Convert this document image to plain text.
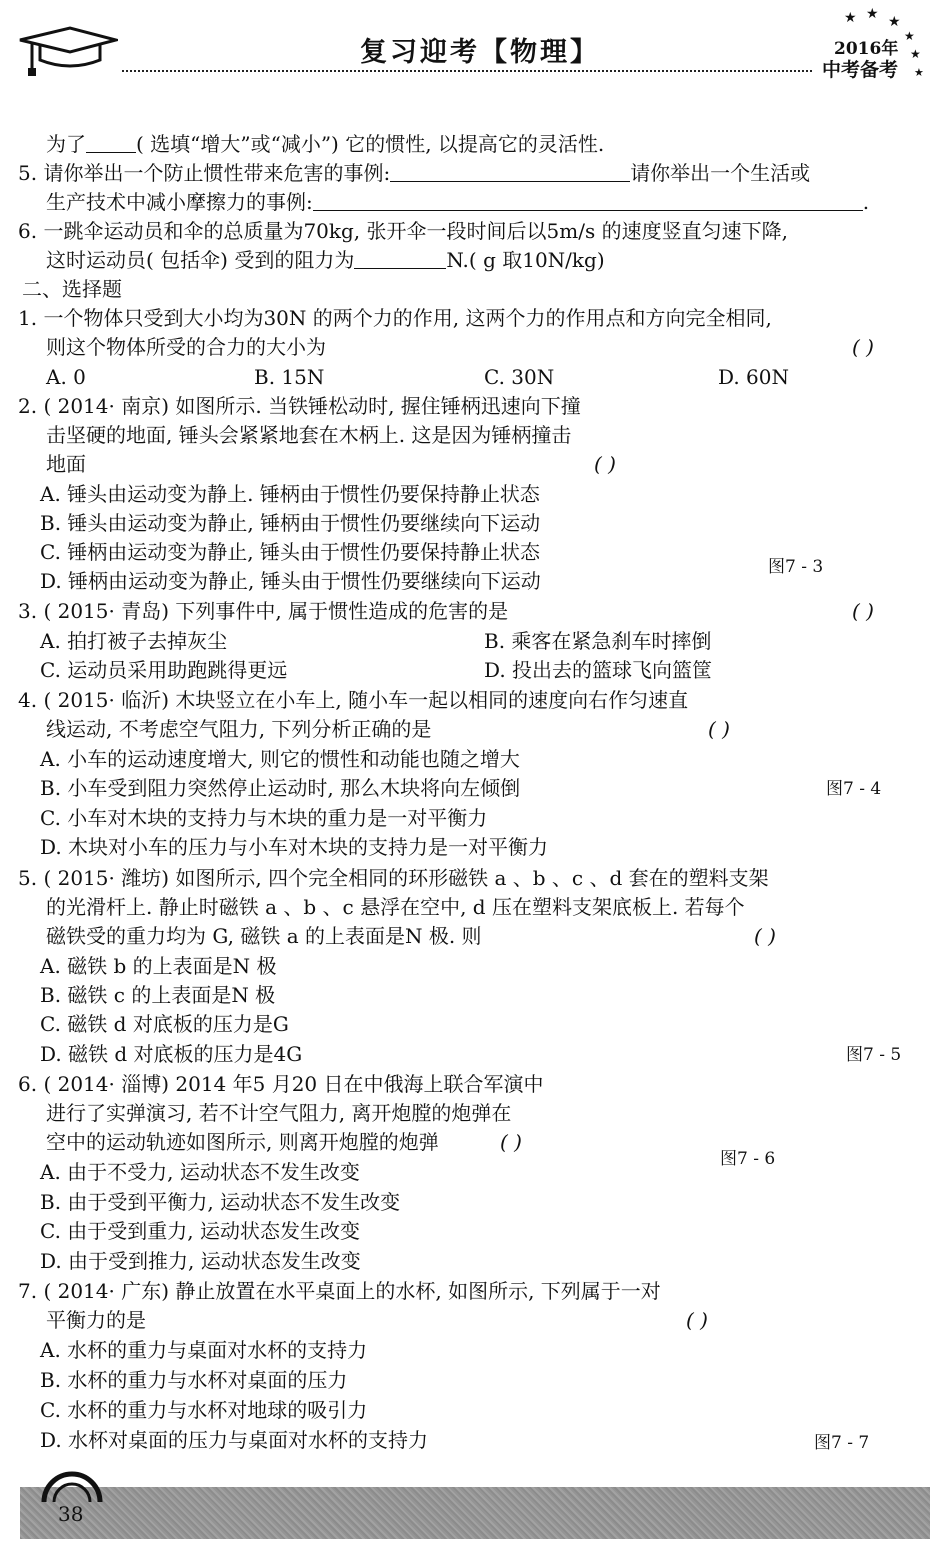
复习迎考【物理】
★ ★ ★
★
★
★
2016年
中考备考
为了	( 选填“增大”或“减小”) 它的惯性, 以提高它的灵活性.
5. 请你举出一个防止惯性带来危害的事例:	请你举出一个生活或
生产技术中减小摩擦力的事例:	.
6. 一跳伞运动员和伞的总质量为70kg, 张开伞一段时间后以5m/s 的速度竖直匀速下降,
这时运动员( 包括伞) 受到的阻力为	N.( g 取10N/kg)
二、选择题
1. 一个物体只受到大小均为30N 的两个力的作用, 这两个力的作用点和方向完全相同,
则这个物体所受的合力的大小为	( )
A. 0	B. 15N	C. 30N	D. 60N
2. ( 2014· 南京) 如图所示. 当铁锤松动时, 握住锤柄迅速向下撞
击坚硬的地面, 锤头会紧紧地套在木柄上. 这是因为锤柄撞击
地面	( )
A. 锤头由运动变为静上. 锤柄由于惯性仍要保持静止状态
B. 锤头由运动变为静止, 锤柄由于惯性仍要继续向下运动
C. 锤柄由运动变为静止, 锤头由于惯性仍要保持静止状态
D. 锤柄由运动变为静止, 锤头由于惯性仍要继续向下运动
图7 - 3
3. ( 2015· 青岛) 下列事件中, 属于惯性造成的危害的是	( )
A. 拍打被子去掉灰尘	B. 乘客在紧急刹车时摔倒
C. 运动员采用助跑跳得更远	D. 投出去的篮球飞向篮筐
4. ( 2015· 临沂) 木块竖立在小车上, 随小车一起以相同的速度向右作匀速直
线运动, 不考虑空气阻力, 下列分析正确的是	( )
A. 小车的运动速度增大, 则它的惯性和动能也随之增大
B. 小车受到阻力突然停止运动时, 那么木块将向左倾倒
C. 小车对木块的支持力与木块的重力是一对平衡力
D. 木块对小车的压力与小车对木块的支持力是一对平衡力
图7 - 4
5. ( 2015· 潍坊) 如图所示, 四个完全相同的环形磁铁 a 、b 、c 、d 套在的塑料支架
的光滑杆上. 静止时磁铁 a 、b 、c 悬浮在空中, d 压在塑料支架底板上. 若每个
磁铁受的重力均为 G, 磁铁 a 的上表面是N 极. 则	( )
A. 磁铁 b 的上表面是N 极
B. 磁铁 c 的上表面是N 极
C. 磁铁 d 对底板的压力是G
D. 磁铁 d 对底板的压力是4G	图7 - 5
6. ( 2014· 淄博) 2014 年5 月20 日在中俄海上联合军演中
进行了实弹演习, 若不计空气阻力, 离开炮膛的炮弹在
空中的运动轨迹如图所示, 则离开炮膛的炮弹	( )
A. 由于不受力, 运动状态不发生改变
B. 由于受到平衡力, 运动状态不发生改变
C. 由于受到重力, 运动状态发生改变
D. 由于受到推力, 运动状态发生改变
图7 - 6
7. ( 2014· 广东) 静止放置在水平桌面上的水杯, 如图所示, 下列属于一对
平衡力的是	( )
A. 水杯的重力与桌面对水杯的支持力
B. 水杯的重力与水杯对桌面的压力
C. 水杯的重力与水杯对地球的吸引力
D. 水杯对桌面的压力与桌面对水杯的支持力	图7 - 7
38
